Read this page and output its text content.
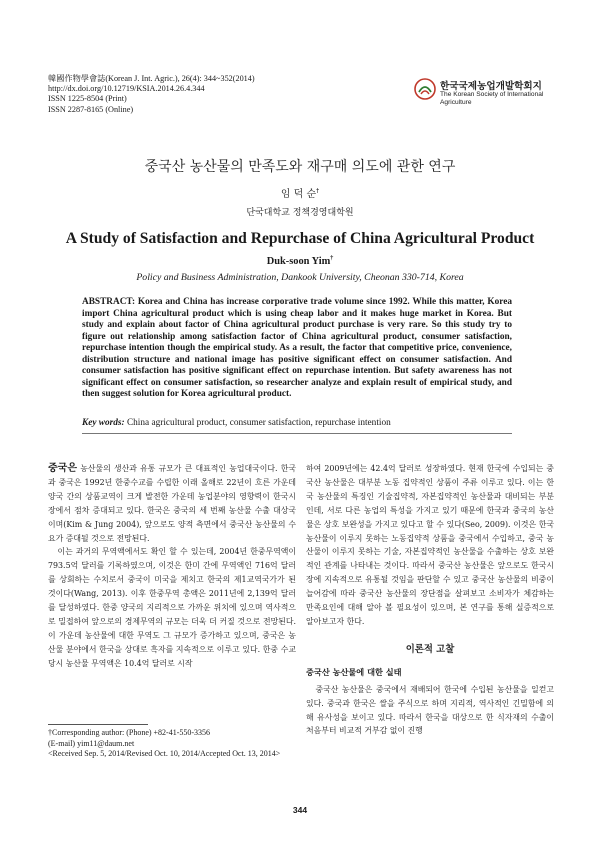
韓國作物學會誌(Korean J. Int. Agric.), 26(4): 344~352(2014)
http://dx.doi.org/10.12719/KSIA.2014.26.4.344
ISSN 1225-8504 (Print)
ISSN 2287-8165 (Online)
한국국제농업개발학회지
The Korean Society of International Agriculture
중국산 농산물의 만족도와 재구매 의도에 관한 연구
임 덕 순†
단국대학교 정책경영대학원
A Study of Satisfaction and Repurchase of China Agricultural Product
Duk-soon Yim†
Policy and Business Administration, Dankook University, Cheonan 330-714, Korea
ABSTRACT: Korea and China has increase corporative trade volume since 1992. While this matter, Korea import China agricultural product which is using cheap labor and it makes huge market in Korea. But study and explain about factor of China agricultural product purchase is very rare. So this study try to figure out relationship among satisfaction factor of China agricultural product, consumer satisfaction, repurchase intention though the empirical study. As a result, the factor that competitive price, convenience, distribution structure and national image has positive significant effect on consumer satisfaction. And consumer satisfaction has positive significant effect on repurchase intention. But safety awareness has not significant effect on consumer satisfaction, so researcher analyze and explain result of empirical study, and then suggest solution for Korea agricultural product.
Key words: China agricultural product, consumer satisfaction, repurchase intention

중국은 농산물의 생산과 유통 규모가 큰 대표적인 농업대국이다. 한국과 중국은 1992년 한중수교를 수립한 이래 올해로 22년이 흐른 가운데 양국 간의 상품교역이 크게 발전한 가운데 농업분야의 영향력이 한국시장에서 점차 증대되고 있다. 한국은 중국의 세 번째 농산물 수출 대상국이며(Kim & Jung 2004), 앞으로도 양적 측면에서 중국산 농산물의 수요가 증대될 것으로 전망된다.

이는 과거의 무역액에서도 확인 할 수 있는데, 2004년 한중무역액이 793.5억 달러를 기록하였으며, 이것은 한미 간에 무역액인 716억 달러를 상회하는 수치로서 중국이 미국을 제치고 한국의 제1교역국가가 된 것이다(Wang, 2013). 이후 한중무역 총액은 2011년에 2,139억 달러를 달성하였다. 한중 양국의 지리적으로 가까운 위치에 있으며 역사적으로 밀접하여 앞으로의 경제무역의 규모는 더욱 더 커질 것으로 전망된다. 이 가운데 농산물에 대한 무역도 그 규모가 증가하고 있으며, 중국은 농산물 분야에서 한국을 상대로 흑자를 지속적으로 이루고 있다. 한중 수교당시 농산물 무역액은 10.4억 달러로 시작

하여 2009년에는 42.4억 달러로 성장하였다. 현재 한국에 수입되는 중국산 농산물은 대부분 노동 집약적인 상품이 주류 이루고 있다. 이는 한국 농산물의 특징인 기술집약적, 자본집약적인 농산물과 대비되는 부분인데, 서로 다른 농업의 특성을 가지고 있기 때문에 한국과 중국의 농산물은 상호 보완성을 가지고 있다고 할 수 있다(Seo, 2009). 이것은 한국 농산물이 이루지 못하는 노동집약적 상품을 중국에서 수입하고, 중국 농산물이 이루지 못하는 기술, 자본집약적인 농산물을 수출하는 상호 보완적인 관계를 나타내는 것이다. 따라서 중국산 농산물은 앞으로도 한국시장에 지속적으로 유통될 것임을 판단할 수 있고 중국산 농산물의 비중이 늘어감에 따라 중국산 농산물의 장단점을 살펴보고 소비자가 체감하는 만족요인에 대해 알아 볼 필요성이 있으며, 본 연구를 통해 실증적으로 알아보고자 한다.

이론적 고찰
중국산 농산물에 대한 실태

중국산 농산물은 중국에서 재배되어 한국에 수입된 농산물을 일컫고 있다. 중국과 한국은 쌀을 주식으로 하며 지리적, 역사적인 긴밀함에 의해 유사성을 보이고 있다. 따라서 한국을 대상으로 한 식자재의 수출이 처음부터 비교적 거부감 없이 진행

†Corresponding author: (Phone) +82-41-550-3356
(E-mail) yim11@daum.net
<Received Sep. 5, 2014/Revised Oct. 10, 2014/Accepted Oct. 13, 2014>
344
